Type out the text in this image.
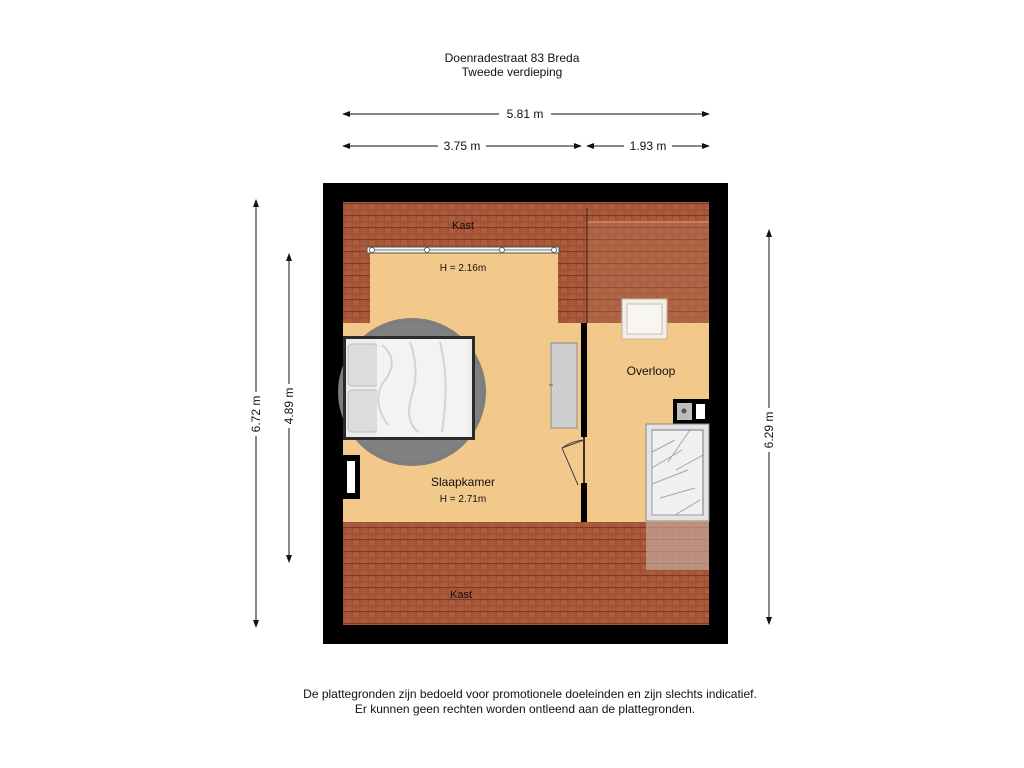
Doenradestraat 83 Breda
Tweede verdieping
5.81 m
3.75 m	1.93 m
6.72 m 4.89 m
6.29 m
Kast
H = 2.16m
Slaapkamer
H = 2.71m
Overloop
Kast
De plattegronden zijn bedoeld voor promotionele doeleinden en zijn slechts indicatief.
Er kunnen geen rechten worden ontleend aan de plattegronden.
